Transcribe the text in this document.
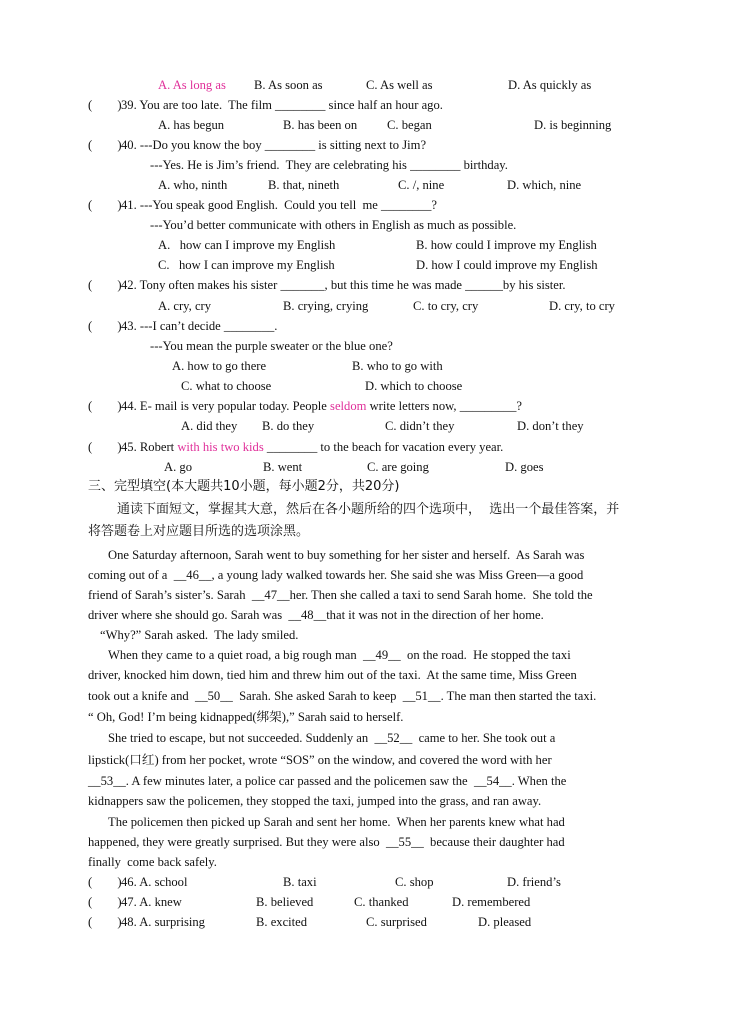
A. As long as B. As soon as	C. As well as	D. As quickly as
(        ) 39. You are too late.  The film ________ since half an hour ago.
A. has begun	B. has been on C. began	D. is beginning
(        ) 40. ---Do you know the boy ________ is sitting next to Jim?
---Yes. He is Jim’s friend.  They are celebrating his ________ birthday.
A. who, ninth	B. that, nineth	C. /, nine	D. which, nine
(        ) 41. ---You speak good English.  Could you tell  me ________?
---You’d better communicate with others in English as much as possible.
A.   how can I improve my English	B. how could I improve my English
C.   how I can improve my English	D. how I could improve my English
(        ) 42. Tony often makes his sister _______, but this time he was made ______by his sister.
A. cry, cry	B. crying, crying	C. to cry, cry	D. cry, to cry
(        ) 43. ---I can’t decide ________.
---You mean the purple sweater or the blue one?
A. how to go there	B. who to go with
C. what to choose	D. which to choose
(        ) 44. E- mail is very popular today. People seldom write letters now, _________?
A. did they B. do they	C. didn’t they	D. don’t they
(        ) 45. Robert with his two kids ________ to the beach for vacation every year.
A. go	B. went	C. are going	D. goes
三、完型填空(本大题共10小题，每小题2分，共20分)
通读下面短文，掌握其大意，然后在各小题所给的四个选项中，  选出一个最佳答案，并
将答题卷上对应题目所选的选项涂黑。
One Saturday afternoon, Sarah went to buy something for her sister and herself.  As Sarah was
coming out of a  __46__, a young lady walked towards her. She said she was Miss Green—a good
friend of Sarah’s sister’s. Sarah  __47__her. Then she called a taxi to send Sarah home.  She told the
driver where she should go. Sarah was  __48__that it was not in the direction of her home.
“Why?” Sarah asked.  The lady smiled.
When they came to a quiet road, a big rough man  __49__  on the road.  He stopped the taxi
driver, knocked him down, tied him and threw him out of the taxi.  At the same time, Miss Green
took out a knife and  __50__  Sarah. She asked Sarah to keep  __51__. The man then started the taxi.
“ Oh, God! I’m being kidnapped(绑架),” Sarah said to herself.
She tried to escape, but not succeeded. Suddenly an  __52__  came to her. She took out a
lipstick(口红) from her pocket, wrote “SOS” on the window, and covered the word with her
__53__. A few minutes later, a police car passed and the policemen saw the  __54__. When the
kidnappers saw the policemen, they stopped the taxi, jumped into the grass, and ran away.
The policemen then picked up Sarah and sent her home.  When her parents knew what had
happened, they were greatly surprised. But they were also  __55__  because their daughter had
finally  come back safely.
(        ) 46. A. school	B. taxi	C. shop	D. friend’s
(        ) 47. A. knew	B. believed	C. thanked	D. remembered
(        ) 48. A. surprising	B. excited	C. surprised	D. pleased
